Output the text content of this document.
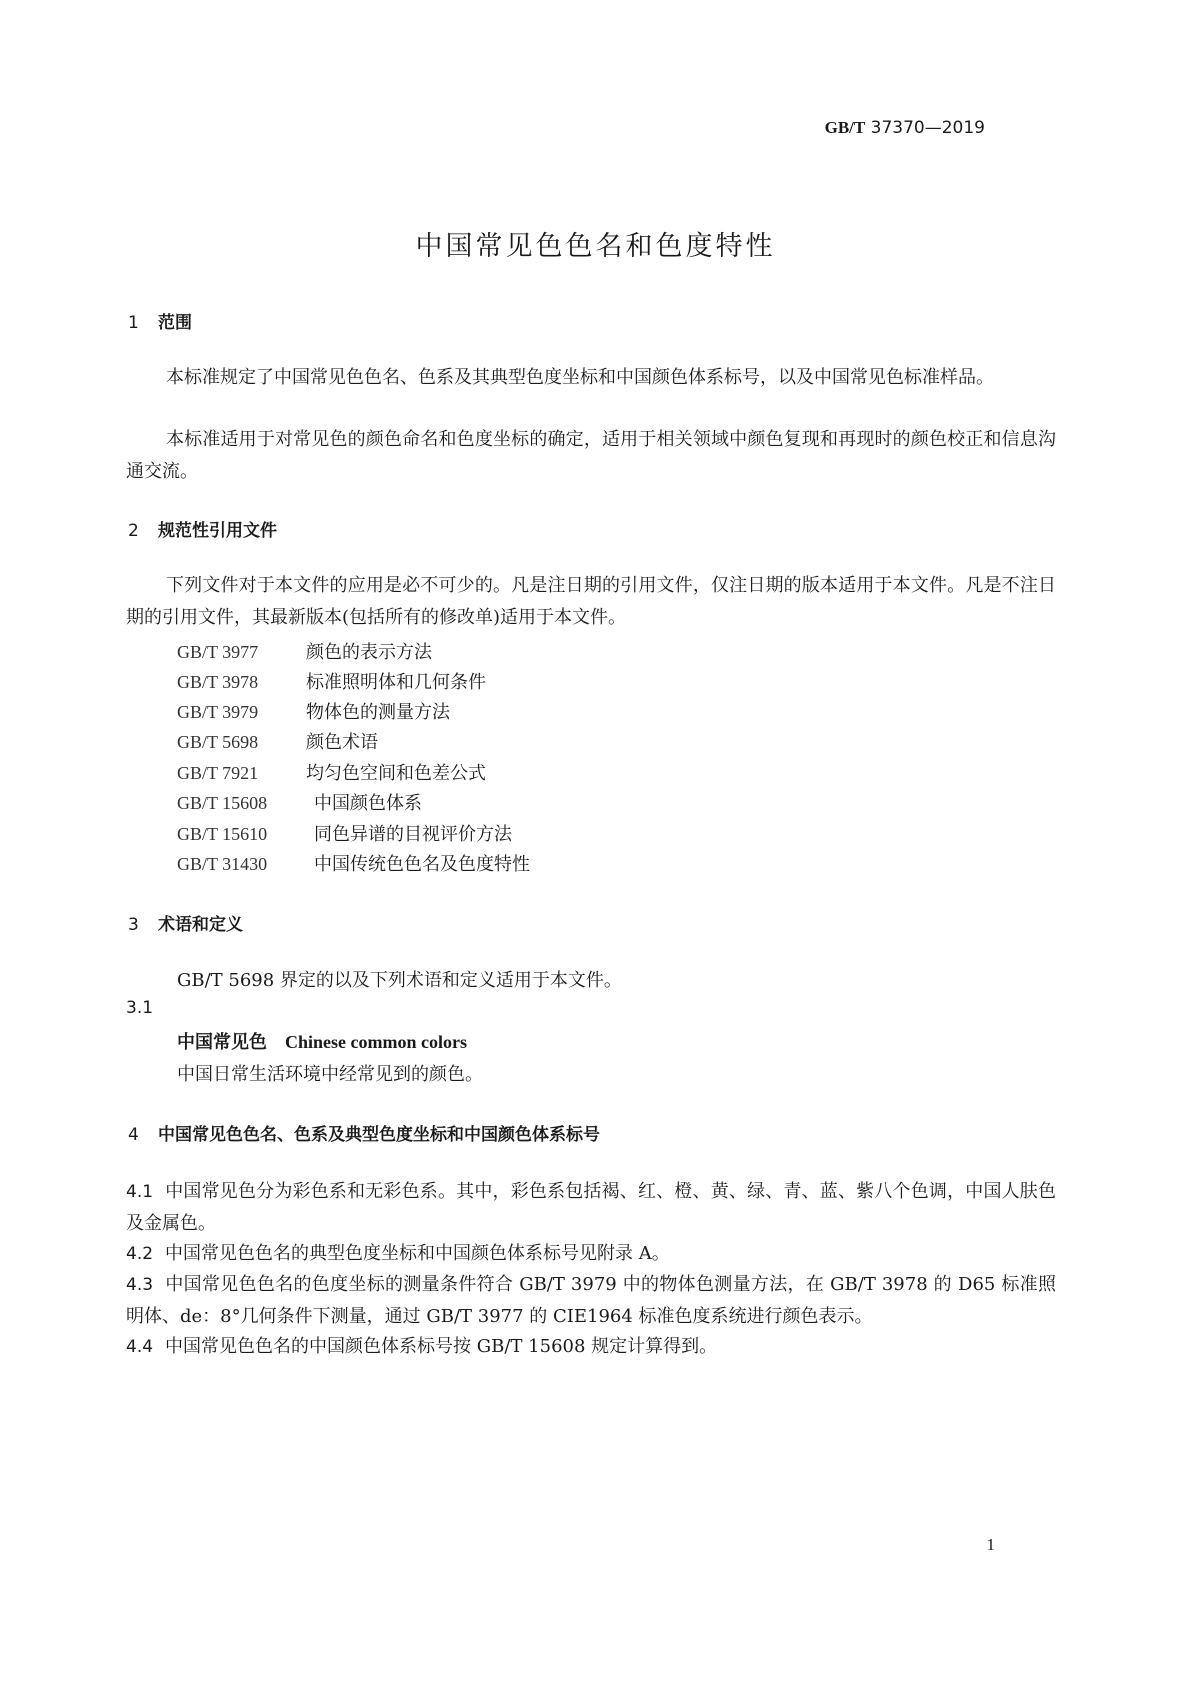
GB/T 37370—2019
中国常见色色名和色度特性
1 范围
本标准规定了中国常见色色名、色系及其典型色度坐标和中国颜色体系标号，以及中国常见色标准样品。
本标准适用于对常见色的颜色命名和色度坐标的确定，适用于相关领域中颜色复现和再现时的颜色校正和信息沟通交流。
2 规范性引用文件
下列文件对于本文件的应用是必不可少的。凡是注日期的引用文件，仅注日期的版本适用于本文件。凡是不注日期的引用文件，其最新版本(包括所有的修改单)适用于本文件。
GB/T 3977	颜色的表示方法
GB/T 3978	标准照明体和几何条件
GB/T 3979	物体色的测量方法
GB/T 5698	颜色术语
GB/T 7921	均匀色空间和色差公式
GB/T 15608	中国颜色体系
GB/T 15610	同色异谱的目视评价方法
GB/T 31430	中国传统色色名及色度特性
3 术语和定义
GB/T 5698 界定的以及下列术语和定义适用于本文件。
3.1
中国常见色 Chinese common colors
中国日常生活环境中经常见到的颜色。
4 中国常见色色名、色系及典型色度坐标和中国颜色体系标号
4.1 中国常见色分为彩色系和无彩色系。其中，彩色系包括褐、红、橙、黄、绿、青、蓝、紫八个色调，中国人肤色及金属色。
4.2 中国常见色色名的典型色度坐标和中国颜色体系标号见附录 A。
4.3 中国常见色色名的色度坐标的测量条件符合 GB/T 3979 中的物体色测量方法，在 GB/T 3978 的 D65 标准照明体、de：8°几何条件下测量，通过 GB/T 3977 的 CIE1964 标准色度系统进行颜色表示。
4.4 中国常见色色名的中国颜色体系标号按 GB/T 15608 规定计算得到。
1
